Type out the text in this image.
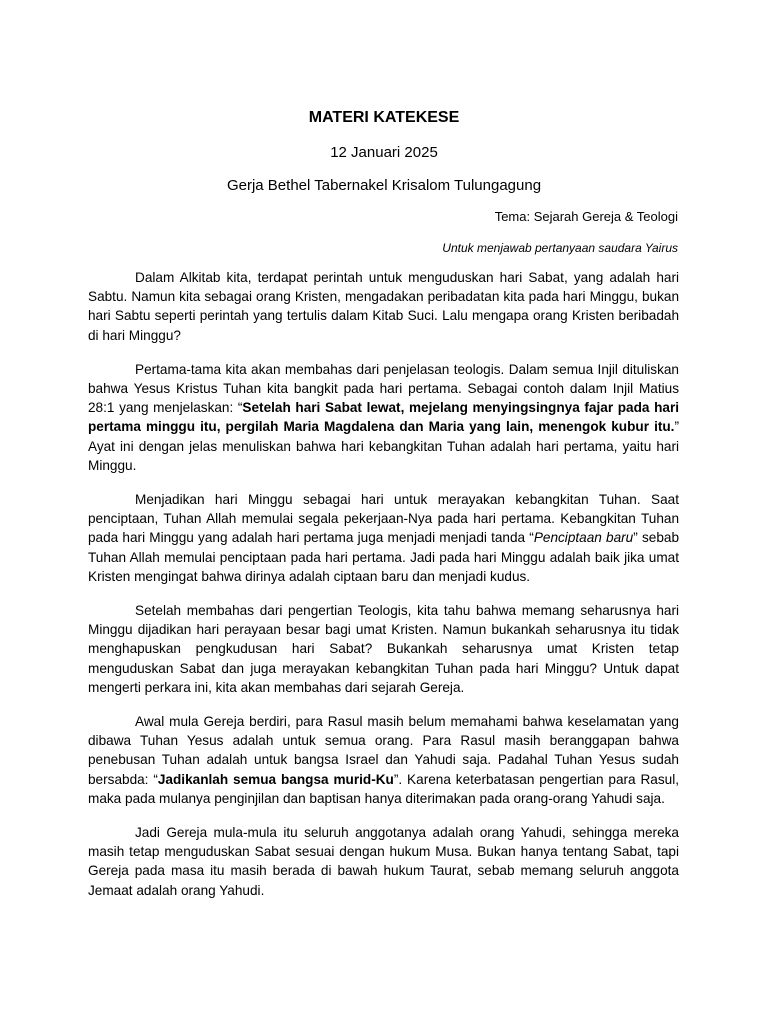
MATERI KATEKESE
12 Januari 2025
Gerja Bethel Tabernakel Krisalom Tulungagung
Tema: Sejarah Gereja & Teologi
Untuk menjawab pertanyaan saudara Yairus

Dalam Alkitab kita, terdapat perintah untuk menguduskan hari Sabat, yang adalah hari Sabtu. Namun kita sebagai orang Kristen, mengadakan peribadatan kita pada hari Minggu, bukan hari Sabtu seperti perintah yang tertulis dalam Kitab Suci. Lalu mengapa orang Kristen beribadah di hari Minggu?

Pertama-tama kita akan membahas dari penjelasan teologis. Dalam semua Injil dituliskan bahwa Yesus Kristus Tuhan kita bangkit pada hari pertama. Sebagai contoh dalam Injil Matius 28:1 yang menjelaskan: “Setelah hari Sabat lewat, mejelang menyingsingnya fajar pada hari pertama minggu itu, pergilah Maria Magdalena dan Maria yang lain, menengok kubur itu.” Ayat ini dengan jelas menuliskan bahwa hari kebangkitan Tuhan adalah hari pertama, yaitu hari Minggu.

Menjadikan hari Minggu sebagai hari untuk merayakan kebangkitan Tuhan. Saat penciptaan, Tuhan Allah memulai segala pekerjaan-Nya pada hari pertama. Kebangkitan Tuhan pada hari Minggu yang adalah hari pertama juga menjadi menjadi tanda “Penciptaan baru” sebab Tuhan Allah memulai penciptaan pada hari pertama. Jadi pada hari Minggu adalah baik jika umat Kristen mengingat bahwa dirinya adalah ciptaan baru dan menjadi kudus.

Setelah membahas dari pengertian Teologis, kita tahu bahwa memang seharusnya hari Minggu dijadikan hari perayaan besar bagi umat Kristen. Namun bukankah seharusnya itu tidak menghapuskan pengkudusan hari Sabat? Bukankah seharusnya umat Kristen tetap menguduskan Sabat dan juga merayakan kebangkitan Tuhan pada hari Minggu? Untuk dapat mengerti perkara ini, kita akan membahas dari sejarah Gereja.

Awal mula Gereja berdiri, para Rasul masih belum memahami bahwa keselamatan yang dibawa Tuhan Yesus adalah untuk semua orang. Para Rasul masih beranggapan bahwa penebusan Tuhan adalah untuk bangsa Israel dan Yahudi saja. Padahal Tuhan Yesus sudah bersabda: “Jadikanlah semua bangsa murid-Ku”. Karena keterbatasan pengertian para Rasul, maka pada mulanya penginjilan dan baptisan hanya diterimakan pada orang-orang Yahudi saja.

Jadi Gereja mula-mula itu seluruh anggotanya adalah orang Yahudi, sehingga mereka masih tetap menguduskan Sabat sesuai dengan hukum Musa. Bukan hanya tentang Sabat, tapi Gereja pada masa itu masih berada di bawah hukum Taurat, sebab memang seluruh anggota Jemaat adalah orang Yahudi.
